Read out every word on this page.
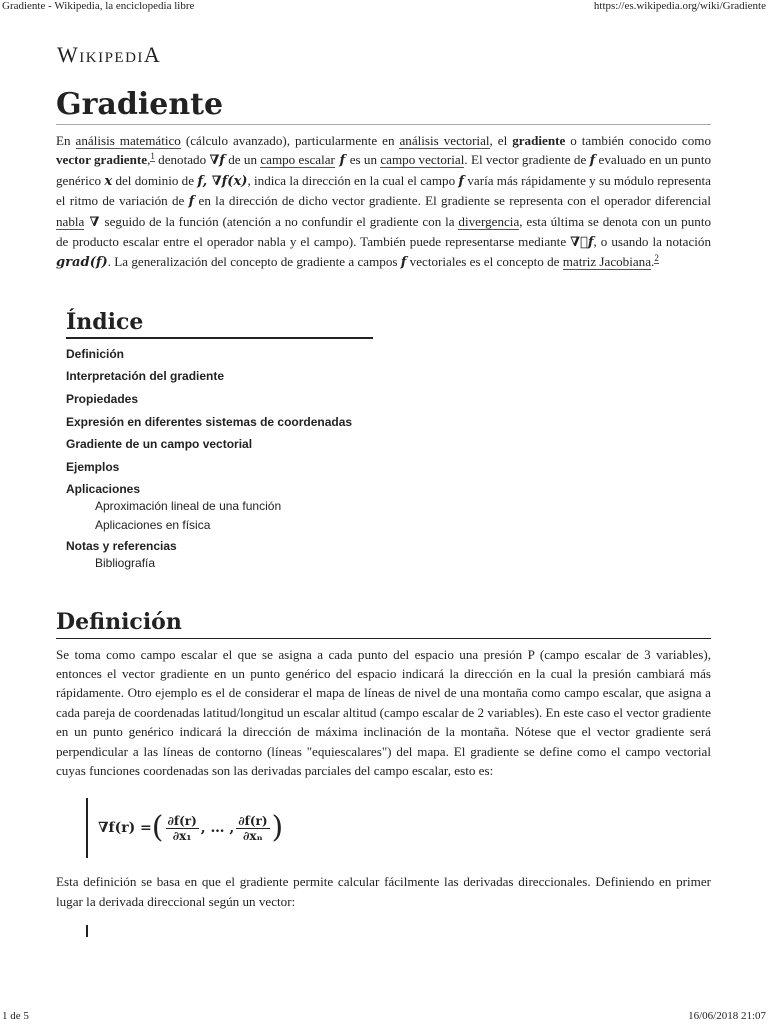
Gradiente - Wikipedia, la enciclopedia libre	https://es.wikipedia.org/wiki/Gradiente
WikipediA
Gradiente

En análisis matemático (cálculo avanzado), particularmente en análisis vectorial, el gradiente o también conocido como vector gradiente,$^1$ denotado ∇f de un campo escalar f es un campo vectorial. El vector gradiente de f evaluado en un punto genérico x del dominio de f, ∇f(x), indica la dirección en la cual el campo f varía más rápidamente y su módulo representa el ritmo de variación de f en la dirección de dicho vector gradiente. El gradiente se representa con el operador diferencial nabla ∇ seguido de la función (atención a no confundir el gradiente con la divergencia, esta última se denota con un punto de producto escalar entre el operador nabla y el campo). También puede representarse mediante ∇⃗f, o usando la notación grad(f). La generalización del concepto de gradiente a campos f vectoriales es el concepto de matriz Jacobiana.$^2$

Índice
Definición
Interpretación del gradiente
Propiedades
Expresión en diferentes sistemas de coordenadas
Gradiente de un campo vectorial
Ejemplos
Aplicaciones
Aproximación lineal de una función
Aplicaciones en física
Notas y referencias
Bibliografía
Definición

Se toma como campo escalar el que se asigna a cada punto del espacio una presión P (campo escalar de 3 variables), entonces el vector gradiente en un punto genérico del espacio indicará la dirección en la cual la presión cambiará más rápidamente. Otro ejemplo es el de considerar el mapa de líneas de nivel de una montaña como campo escalar, que asigna a cada pareja de coordenadas latitud/longitud un escalar altitud (campo escalar de 2 variables). En este caso el vector gradiente en un punto genérico indicará la dirección de máxima inclinación de la montaña. Nótese que el vector gradiente será perpendicular a las líneas de contorno (líneas "equiescalares") del mapa. El gradiente se define como el campo vectorial cuyas funciones coordenadas son las derivadas parciales del campo escalar, esto es:

∇f(r) = ( $\frac{\partial f(r)}{\text{∂x₁}}$ , … , $\frac{\partial f(r)}{\text{∂xₙ}}$ )

Esta definición se basa en que el gradiente permite calcular fácilmente las derivadas direccionales. Definiendo en primer lugar la derivada direccional según un vector:

1 de 5	16/06/2018 21:07
